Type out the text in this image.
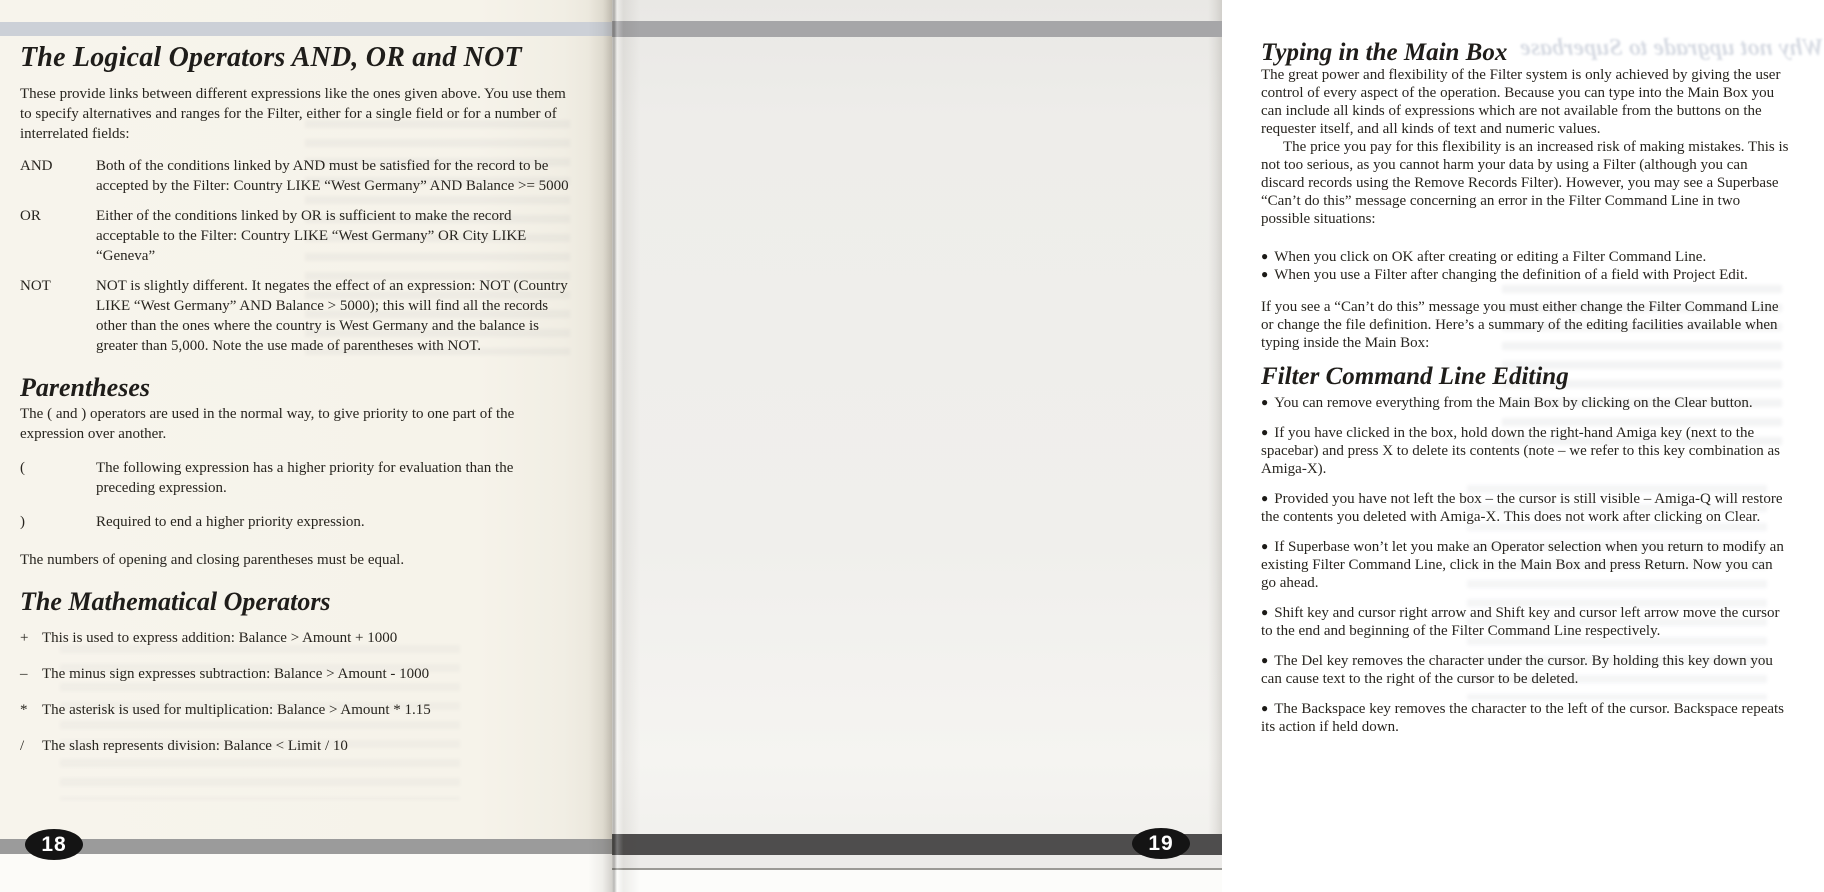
The Logical Operators AND, OR and NOT

These provide links between different expressions like the ones given above. You use them to specify alternatives and ranges for the Filter, either for a single field or for a number of interrelated fields:

AND	Both of the conditions linked by AND must be satisfied for the record to be accepted by the Filter: Country LIKE “West Germany” AND Balance >= 5000
OR	Either of the conditions linked by OR is sufficient to make the record acceptable to the Filter: Country LIKE “West Germany” OR City LIKE “Geneva”
NOT	NOT is slightly different. It negates the effect of an expression: NOT (Country LIKE “West Germany” AND Balance > 5000); this will find all the records other than the ones where the country is West Germany and the balance is greater than 5,000. Note the use made of parentheses with NOT.
Parentheses

The ( and ) operators are used in the normal way, to give priority to one part of the expression over another.

(	The following expression has a higher priority for evaluation than the preceding expression.
)	Required to end a higher priority expression.

The numbers of opening and closing parentheses must be equal.

The Mathematical Operators
+ This is used to express addition: Balance > Amount + 1000
– The minus sign expresses subtraction: Balance > Amount - 1000
* The asterisk is used for multiplication: Balance > Amount * 1.15
/	The slash represents division: Balance < Limit / 10
Why not upgrade to Superbase
Typing in the Main Box

The great power and flexibility of the Filter system is only achieved by giving the user control of every aspect of the operation. Because you can type into the Main Box you can include all kinds of expressions which are not available from the buttons on the requester itself, and all kinds of text and numeric values.

The price you pay for this flexibility is an increased risk of making mistakes. This is not too serious, as you cannot harm your data by using a Filter (although you can discard records using the Remove Records Filter). However, you may see a Superbase “Can’t do this” message concerning an error in the Filter Command Line in two possible situations:

● When you click on OK after creating or editing a Filter Command Line.
● When you use a Filter after changing the definition of a field with Project Edit.

If you see a “Can’t do this” message you must either change the Filter Command Line or change the file definition. Here’s a summary of the editing facilities available when typing inside the Main Box:

Filter Command Line Editing
● You can remove everything from the Main Box by clicking on the Clear button.
● If you have clicked in the box, hold down the right-hand Amiga key (next to the spacebar) and press X to delete its contents (note – we refer to this key combination as Amiga-X).
● Provided you have not left the box – the cursor is still visible – Amiga-Q will restore the contents you deleted with Amiga-X. This does not work after clicking on Clear.
● If Superbase won’t let you make an Operator selection when you return to modify an existing Filter Command Line, click in the Main Box and press Return. Now you can go ahead.
● Shift key and cursor right arrow and Shift key and cursor left arrow move the cursor to the end and beginning of the Filter Command Line respectively.
● The Del key removes the character under the cursor. By holding this key down you can cause text to the right of the cursor to be deleted.
● The Backspace key removes the character to the left of the cursor. Backspace repeats its action if held down.
18	19
